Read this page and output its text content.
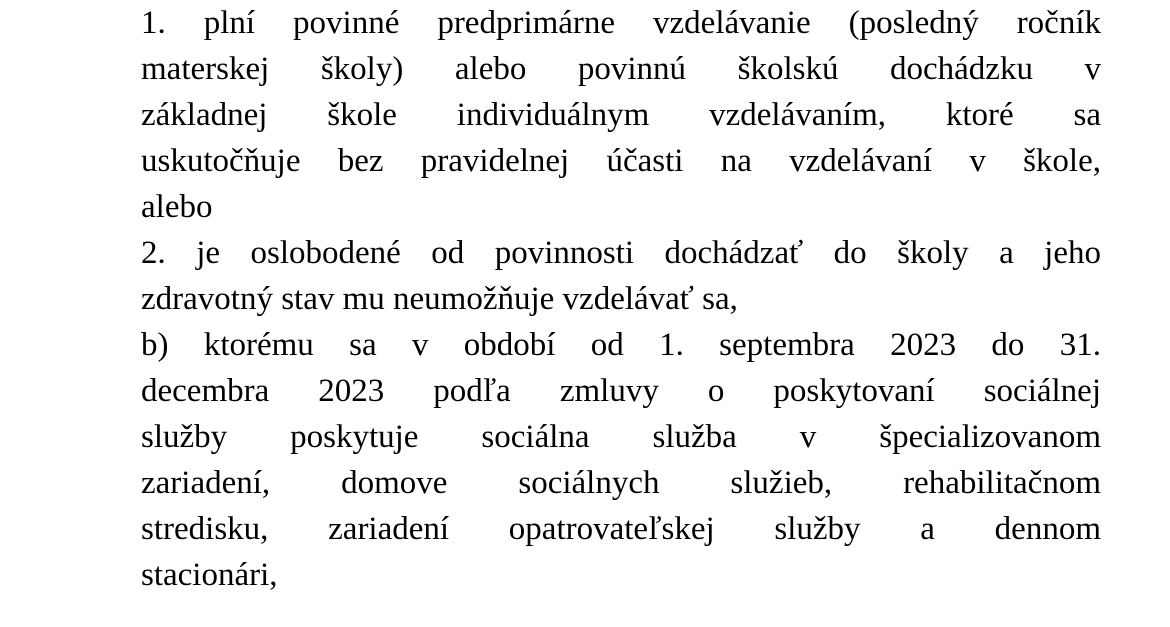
1. plní povinné predprimárne vzdelávanie (posledný ročník

materskej školy) alebo povinnú školskú dochádzku v

základnej škole individuálnym vzdelávaním, ktoré sa

uskutočňuje bez pravidelnej účasti na vzdelávaní v škole,

alebo

2. je oslobodené od povinnosti dochádzať do školy a jeho

zdravotný stav mu neumožňuje vzdelávať sa,

b) ktorému sa v období od 1. septembra 2023 do 31.

decembra 2023 podľa zmluvy o poskytovaní sociálnej

služby poskytuje sociálna služba v špecializovanom

zariadení, domove sociálnych služieb, rehabilitačnom

stredisku, zariadení opatrovateľskej služby a dennom

stacionári,
